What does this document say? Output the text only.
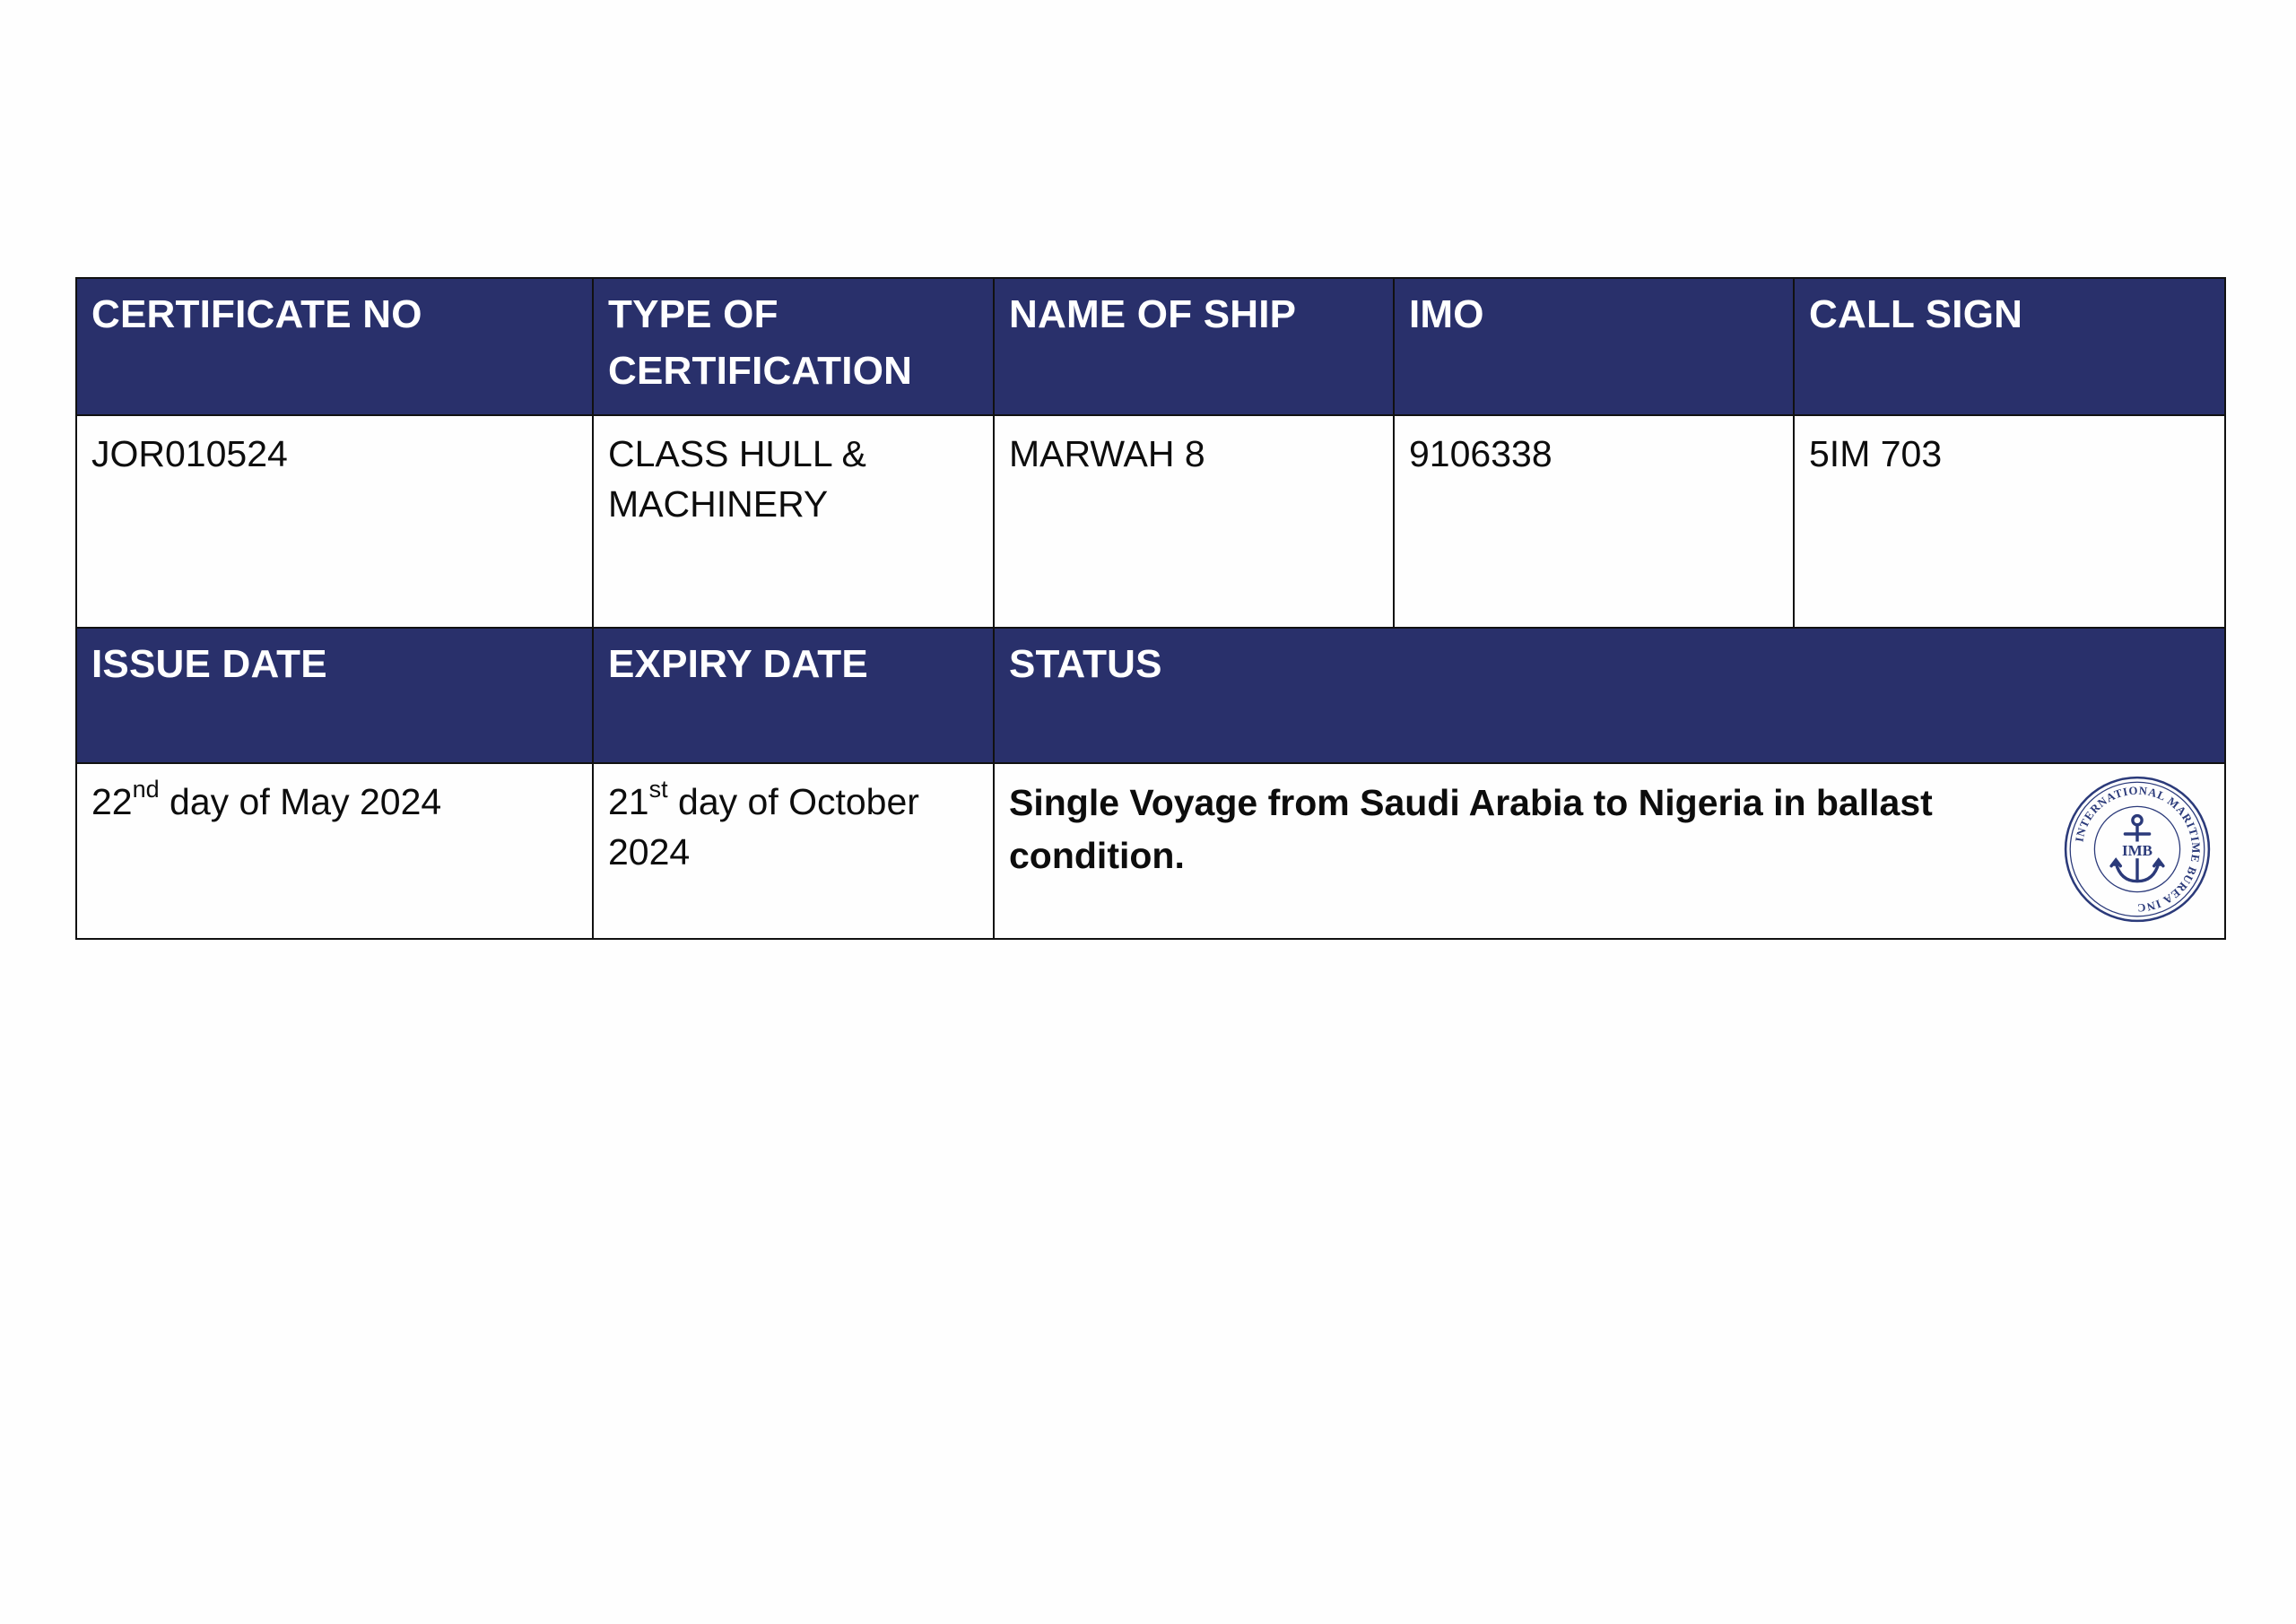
CERTIFICATE NO	TYPE OF CERTIFICATION	NAME OF SHIP	IMO	CALL SIGN
JOR010524	CLASS HULL & MACHINERY	MARWAH 8	9106338	5IM 703
ISSUE DATE	EXPIRY DATE	STATUS		
22nd day of May 2024	21st day of October 2024	Single Voyage from Saudi Arabia to Nigeria in ballast condition. INTERNATIONAL MARITIME BUREA INC
IMB		
